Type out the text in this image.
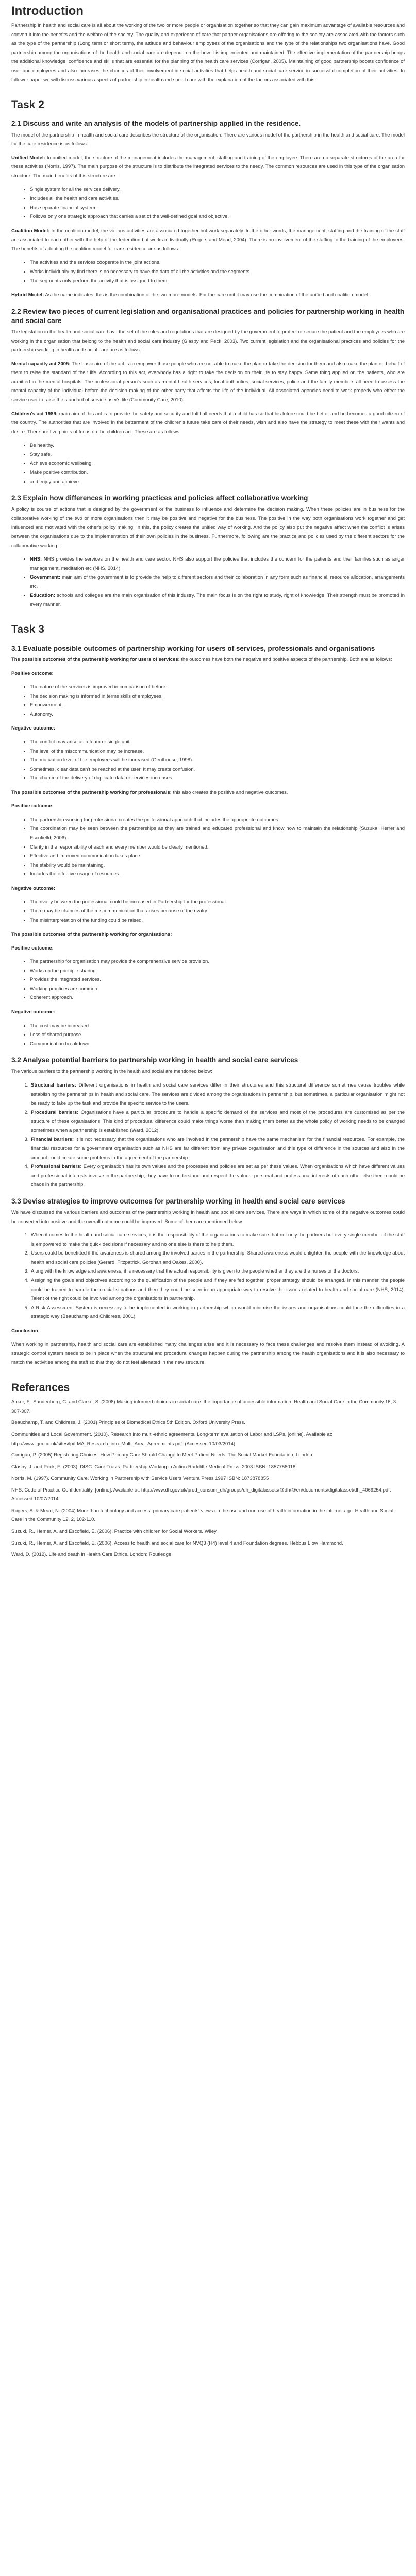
Introduction

Partnership in health and social care is all about the working of the two or more people or organisation together so that they can gain maximum advantage of available resources and convert it into the benefits and the welfare of the society. The quality and experience of care that partner organisations are offering to the society are associated with the factors such as the type of the partnership (Long term or short term), the attitude and behaviour employees of the organisations and the type of the relationships two organisations have. Good partnership among the organisations of the health and social care are depends on the how it is implemented and maintained. The effective implementation of the partnership brings the additional knowledge, confidence and skills that are essential for the planning of the health care services (Corrigan, 2005). Maintaining of good partnership boosts confidence of user and employees and also increases the chances of their involvement in social activities that helps health and social care service in successful completion of their activities. In follower paper we will discuss various aspects of partnership in health and social care with the explanation of the factors associated with this.

Task 2
2.1 Discuss and write an analysis of the models of partnership applied in the residence.

The model of the partnership in health and social care describes the structure of the organisation. There are various model of the partnership in the health and social care. The model for the care residence is as follows:

Unified Model: In unified model, the structure of the management includes the management, staffing and training of the employee. There are no separate structures of the area for these activities (Norris, 1997). The main purpose of the structure is to distribute the integrated services to the needy. The common resources are used in this type of the organisation structure. The main benefits of this structure are:

• Single system for all the services delivery.
• Includes all the health and care activities.
• Has separate financial system.
• Follows only one strategic approach that carries a set of the well-defined goal and objective.

Coalition Model: In the coalition model, the various activities are associated together but work separately. In the other words, the management, staffing and the training of the staff are associated to each other with the help of the federation but works individually (Rogers and Mead, 2004). There is no involvement of the staffing to the training of the employees. The benefits of adopting the coalition model for care residence are as follows:

• The activities and the services cooperate in the joint actions.
• Works individually by find there is no necessary to have the data of all the activities and the segments.
• The segments only perform the activity that is assigned to them.

Hybrid Model: As the name indicates, this is the combination of the two more models. For the care unit it may use the combination of the unified and coalition model.

2.2 Review two pieces of current legislation and organisational practices and policies for partnership working in health and social care

The legislation in the health and social care have the set of the rules and regulations that are designed by the government to protect or secure the patient and the employees who are working in the organisation that belong to the health and social care industry (Glasby and Peck, 2003). Two current legislation and the organisational practices and policies for the partnership working in health and social care are as follows:

Mental capacity act 2005: The basic aim of the act is to empower those people who are not able to make the plan or take the decision for them and also make the plan on behalf of them to raise the standard of their life. According to this act, everybody has a right to take the decision on their life to stay happy. Same thing applied on the patients, who are admitted in the mental hospitals. The professional person's such as mental health services, local authorities, social services, police and the family members all need to assess the mental capacity of the individual before the decision making of the other party that affects the life of the individual. All associated agencies need to work properly who effect the service user to raise the standard of service user's life (Community Care, 2010).

Children's act 1989: main aim of this act is to provide the safety and security and fulfil all needs that a child has so that his future could be better and he becomes a good citizen of the country. The authorities that are involved in the betterment of the children's future take care of their needs, wish and also have the strategy to meet these with their wants and desire. There are five points of focus on the children act. These are as follows:

• Be healthy.
• Stay safe.
• Achieve economic wellbeing.
• Make positive contribution.
• and enjoy and achieve.
2.3 Explain how differences in working practices and policies affect collaborative working

A policy is course of actions that is designed by the government or the business to influence and determine the decision making. When these policies are in business for the collaborative working of the two or more organisations then it may be positive and negative for the business. The positive in the way both organisations work together and get influenced and motivated with the other's policy making. In this, the policy creates the unified way of working. And the policy also put the negative affect when the conflict is arises between the organisations due to the implementation of their own policies in the business. Furthermore, following are the practice and policies used by the different sectors for the collaborative working:

• NHS: NHS provides the services on the health and care sector. NHS also support the policies that includes the concern for the patients and their families such as anger management, meditation etc (NHS, 2014).
• Government: main aim of the government is to provide the help to different sectors and their collaboration in any form such as financial, resource allocation, arrangements etc.
• Education: schools and colleges are the main organisation of this industry. The main focus is on the right to study, right of knowledge. Their strength must be promoted in every manner.
Task 3
3.1 Evaluate possible outcomes of partnership working for users of services, professionals and organisations

The possible outcomes of the partnership working for users of services: the outcomes have both the negative and positive aspects of the partnership. Both are as follows:

Positive outcome:

• The nature of the services is improved in comparison of before.
• The decision making is informed in terms skills of employees.
• Empowerment.
• Autonomy.

Negative outcome:

• The conflict may arise as a team or single unit.
• The level of the miscommunication may be increase.
• The motivation level of the employees will be increased (Geuthouse, 1998).
• Sometimes, clear data can't be reached at the user. It may create confusion.
• The chance of the delivery of duplicate data or services increases.

The possible outcomes of the partnership working for professionals: this also creates the positive and negative outcomes.

Positive outcome:

• The partnership working for professional creates the professional approach that includes the appropriate outcomes.
• The coordination may be seen between the partnerships as they are trained and educated professional and know how to maintain the relationship (Suzuka, Herrer and Escofielld, 2006).
• Clarity in the responsibility of each and every member would be clearly mentioned.
• Effective and improved communication takes place.
• The stability would be maintaining.
• Includes the effective usage of resources.

Negative outcome:

• The rivalry between the professional could be increased in Partnership for the professional.
• There may be chances of the miscommunication that arises because of the rivalry.
• The misinterpretation of the funding could be raised.

The possible outcomes of the partnership working for organisations:

Positive outcome:

• The partnership for organisation may provide the comprehensive service provision.
• Works on the principle sharing.
• Provides the integrated services.
• Working practices are common.
• Coherent approach.

Negative outcome:

• The cost may be increased.
• Loss of shared purpose.
• Communication breakdown.
3.2 Analyse potential barriers to partnership working in health and social care services

The various barriers to the partnership working in the health and social are mentioned below:

1. Structural barriers: Different organisations in health and social care services differ in their structures and this structural difference sometimes cause troubles while establishing the partnerships in health and social care. The services are divided among the organisations in partnership, but sometimes, a particular organisation might not be ready to take up the task and provide the specific service to the users.
2. Procedural barriers: Organisations have a particular procedure to handle a specific demand of the services and most of the procedures are customised as per the structure of these organisations. This kind of procedural difference could make things worse than making them better as the whole policy of working needs to be changed sometimes when a partnership is established (Ward, 2012).
3. Financial barriers: It is not necessary that the organisations who are involved in the partnership have the same mechanism for the financial resources. For example, the financial resources for a government organisation such as NHS are far different from any private organisation and this type of difference in the sources and also in the amount could create some problems in the agreement of the partnership.
4. Professional barriers: Every organisation has its own values and the processes and policies are set as per these values. When organisations which have different values and professional interests involve in the partnership, they have to understand and respect the values, personal and professional interests of each other else there could be chaos in the partnership.
3.3 Devise strategies to improve outcomes for partnership working in health and social care services

We have discussed the various barriers and outcomes of the partnership working in health and social care services. There are ways in which some of the negative outcomes could be converted into positive and the overall outcome could be improved. Some of them are mentioned below:

1. When it comes to the health and social care services, it is the responsibility of the organisations to make sure that not only the partners but every single member of the staff is empowered to make the quick decisions if necessary and no one else is there to help them.
2. Users could be benefitted if the awareness is shared among the involved parties in the partnership. Shared awareness would enlighten the people with the knowledge about health and social care policies (Gerard, Fitzpatrick, Gorohan and Oakes, 2000).
3. Along with the knowledge and awareness, it is necessary that the actual responsibility is given to the people whether they are the nurses or the doctors.
4. Assigning the goals and objectives according to the qualification of the people and if they are fed together, proper strategy should be arranged. In this manner, the people could be trained to handle the crucial situations and then they could be seen in an appropriate way to resolve the issues related to health and social care (NHS, 2014). Talent of the right could be involved among the organisations in partnership.
5. A Risk Assessment System is necessary to be implemented in working in partnership which would minimise the issues and organisations could face the difficulties in a strategic way (Beauchamp and Childress, 2001).

Conclusion

When working in partnership, health and social care are established many challenges arise and it is necessary to face these challenges and resolve them instead of avoiding. A strategic control system needs to be in place when the structural and procedural changes happen during the partnership among the health organisations and it is also necessary to match the activities among the staff so that they do not feel alienated in the new structure.

Referances

Anker, F., Sandenberg, C. and Clarke, S. (2008) Making informed choices in social care: the importance of accessible information. Health and Social Care in the Community 16, 3. 307-307.

Beauchamp, T. and Childress, J. (2001) Principles of Biomedical Ethics 5th Edition. Oxford University Press.

Communities and Local Government. (2010). Research into multi-ethnic agreements. Long-term evaluation of Labor and LSPs. [online]. Available at: http://www.lgm.co.uk/sites/lp/LMA_Research_into_Multi_Area_Agreements.pdf. (Accessed 10/03/2014)

Corrigan, P. (2005) Registering Choices: How Primary Care Should Change to Meet Patient Needs. The Social Market Foundation, London.

Glasby, J. and Peck, E. (2003). DISC. Care Trusts: Partnership Working in Action Radcliffe Medical Press. 2003 ISBN: 1857758018

Norris, M. (1997). Community Care. Working in Partnership with Service Users Ventura Press 1997 ISBN: 1873878855

NHS. Code of Practice Confidentiality. [online]. Available at: http://www.dh.gov.uk/prod_consum_dh/groups/dh_digitalassets/@dh/@en/documents/digitalasset/dh_4069254.pdf. Accessed 10/07/2014

Rogers, A. & Mead, N. (2004) More than technology and access: primary care patients' views on the use and non-use of health information in the internet age. Health and Social Care in the Community 12, 2, 102-110.

Suzuki, R., Hemer, A. and Escofield, E. (2006). Practice with children for Social Workers. Wiley.

Suzuki, R., Hemer, A. and Escofield, E. (2006). Access to health and social care for NVQ3 (H4) level 4 and Foundation degrees. Hebbus Llow Hammond.

Ward, D. (2012). Life and death in Health Care Ethics. London: Routledge.
